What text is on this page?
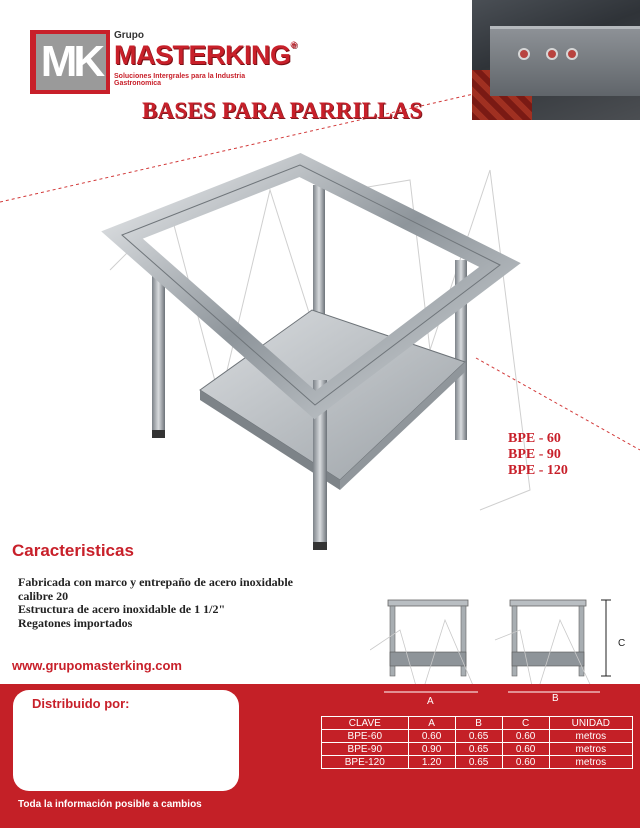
MK
Grupo
MASTERKING®
Soluciones Intergrales para la Industria Gastronomica
BASES PARA PARRILLAS
BPE - 60
BPE - 90
BPE - 120
Caracteristicas
Fabricada con marco y entrepaño de acero inoxidable
calibre 20
Estructura de acero inoxidable de 1 1/2"
Regatones importados
www.grupomasterking.com
Distribuido por:
Toda la información posible a cambios
A	B
C
CLAVE	A	B	C	UNIDAD
BPE-60	0.60	0.65	0.60	metros
BPE-90	0.90	0.65	0.60	metros
BPE-120	1.20	0.65	0.60	metros
